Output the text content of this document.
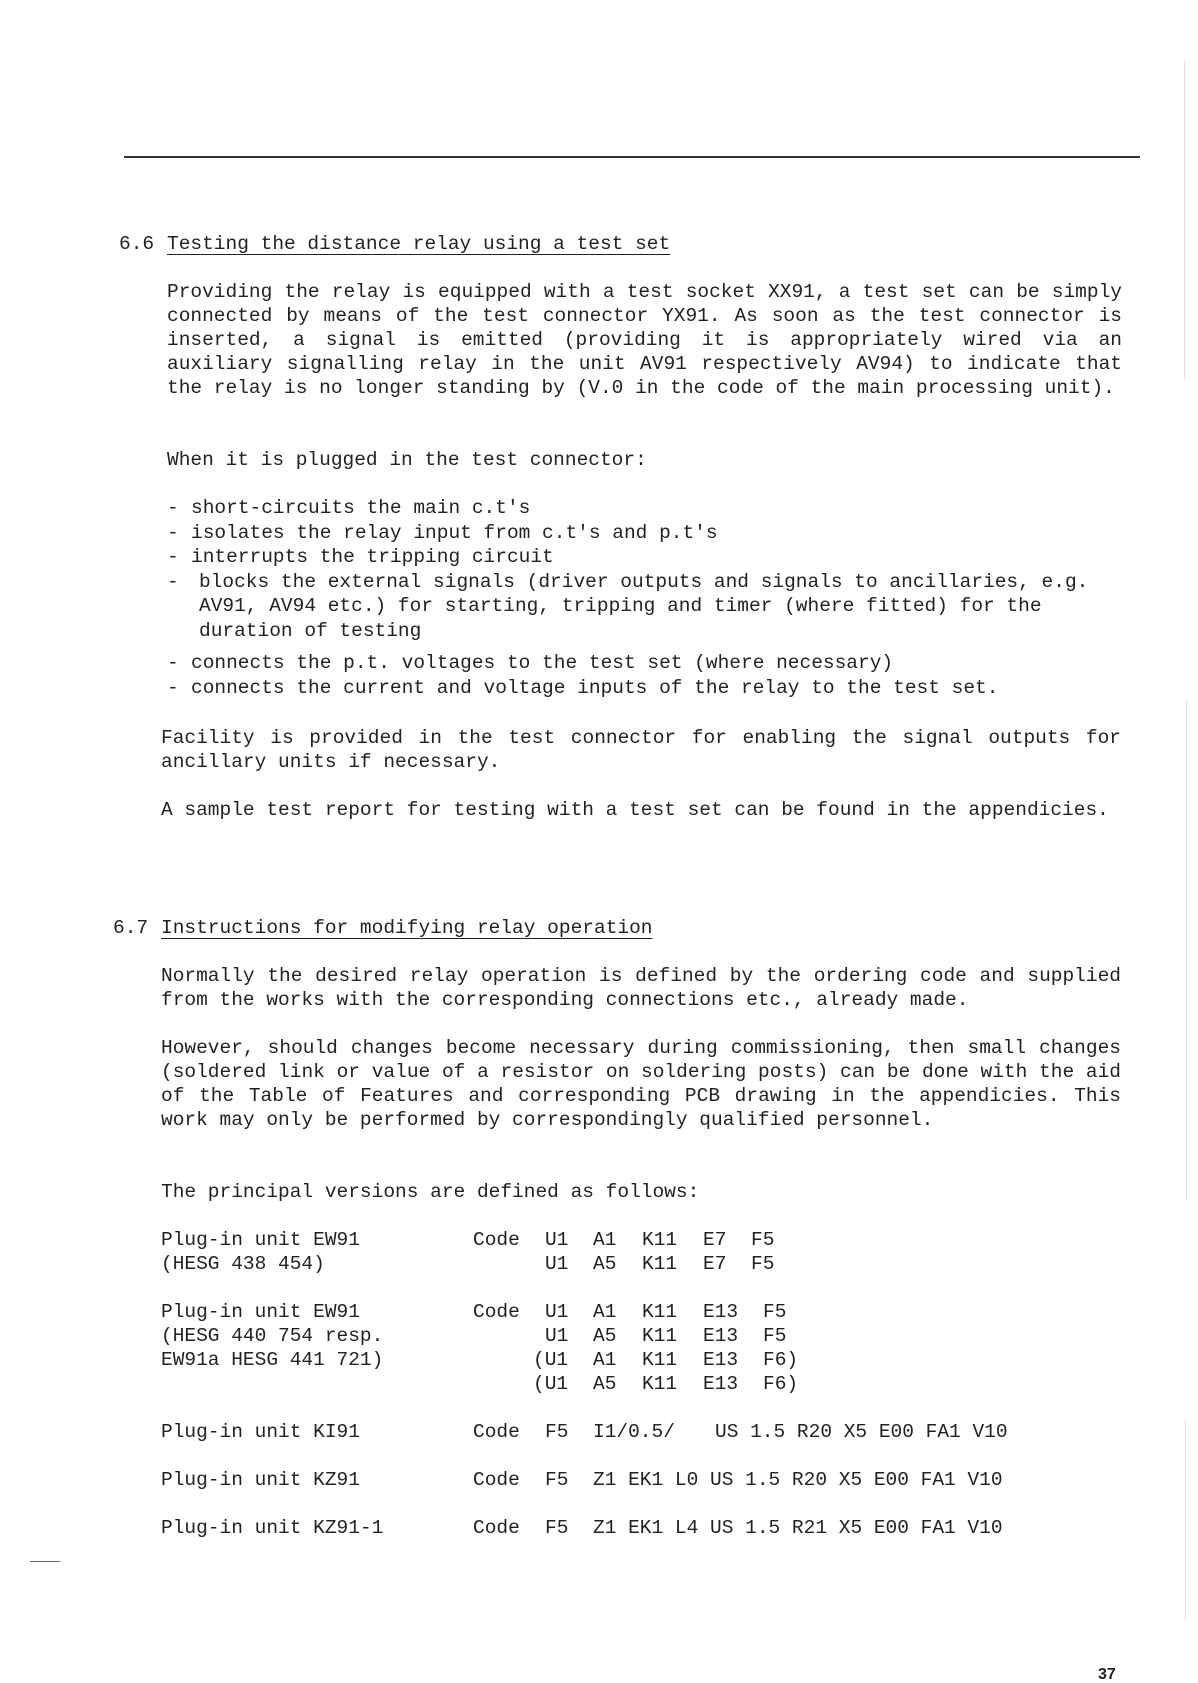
6.6 Testing the distance relay using a test set

Providing the relay is equipped with a test socket XX91, a test set can be simply connected by means of the test connector YX91. As soon as the test connector is inserted, a signal is emitted (providing it is appropriately wired via an auxiliary signalling relay in the unit AV91 respectively AV94) to indicate that the relay is no longer standing by (V.0 in the code of the main processing unit).

When it is plugged in the test connector:

- short-circuits the main c.t's
- isolates the relay input from c.t's and p.t's
- interrupts the tripping circuit
- blocks the external signals (driver outputs and signals to ancillaries, e.g. AV91, AV94 etc.) for starting, tripping and timer (where fitted) for the duration of testing
- connects the p.t. voltages to the test set (where necessary)
- connects the current and voltage inputs of the relay to the test set.

Facility is provided in the test connector for enabling the signal outputs for ancillary units if necessary.

A sample test report for testing with a test set can be found in the appendicies.

6.7 Instructions for modifying relay operation

Normally the desired relay operation is defined by the ordering code and supplied from the works with the corresponding connections etc., already made.

However, should changes become necessary during commissioning, then small changes (soldered link or value of a resistor on soldering posts) can be done with the aid of the Table of Features and corresponding PCB drawing in the appendicies. This work may only be performed by correspondingly qualified personnel.

The principal versions are defined as follows:

Plug-in unit EW91	Code U1 A1 K11 E7 F5
(HESG 438 454)	U1 A5 K11 E7 F5
Plug-in unit EW91	Code U1 A1 K11 E13 F5
(HESG 440 754 resp.	U1 A5 K11 E13 F5
EW91a HESG 441 721)	(U1 A1 K11 E13 F6)
(U1 A5 K11 E13 F6)
Plug-in unit KI91	Code F5 I1/0.5/ US 1.5 R20 X5 E00 FA1 V10
Plug-in unit KZ91	Code F5 Z1 EK1 L0 US 1.5 R20 X5 E00 FA1 V10
Plug-in unit KZ91-1	Code F5 Z1 EK1 L4 US 1.5 R21 X5 E00 FA1 V10
37
